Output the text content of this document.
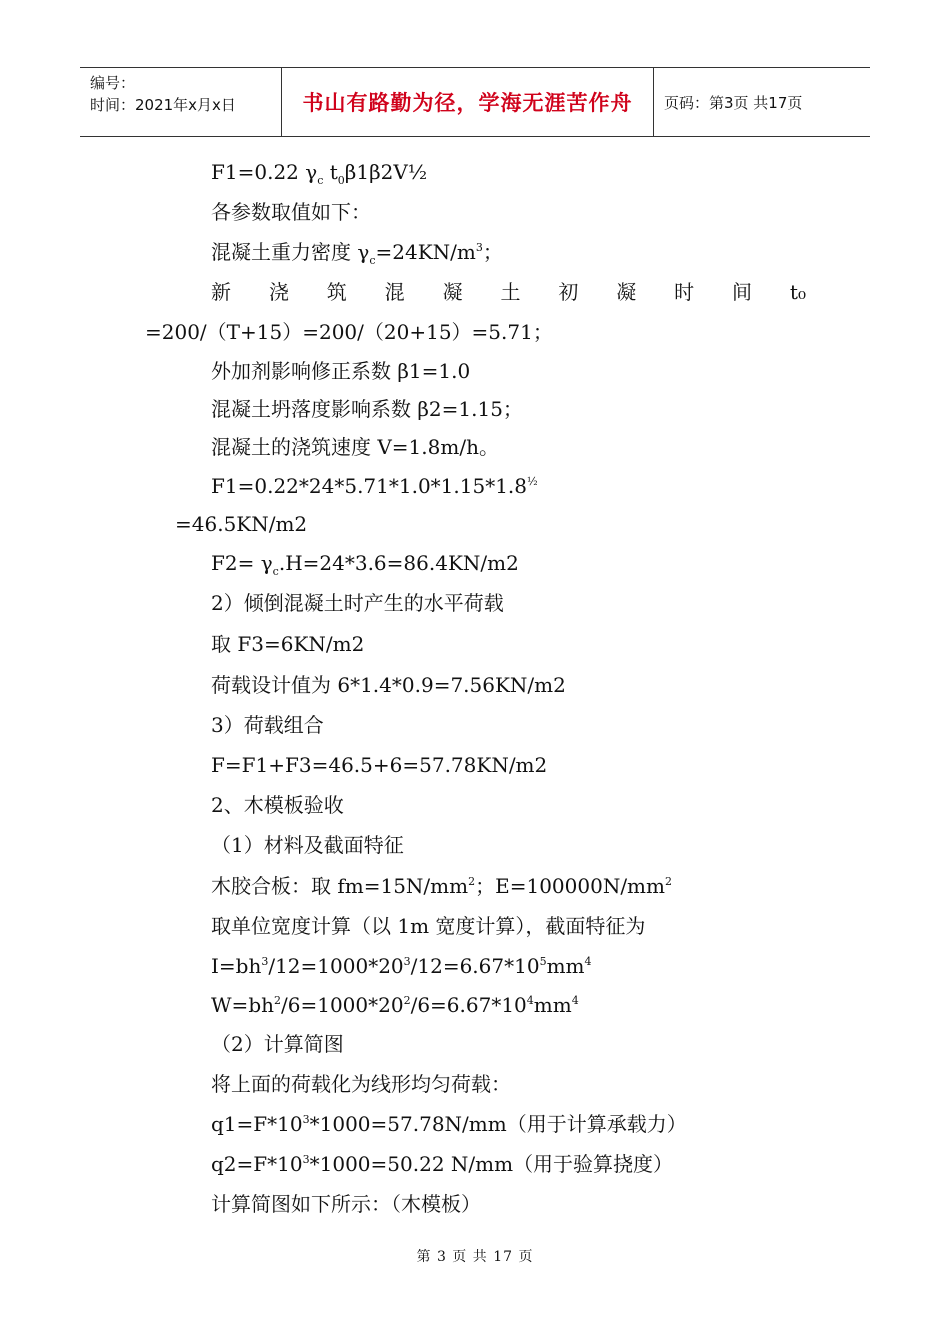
编号：
时间：2021年x月x日	书山有路勤为径，学海无涯苦作舟	页码：第3页 共17页
F1=0.22 $\gamma_c$ $t_0\beta 1\beta 2V\frac{1}{2}$
各参数取值如下：
混凝土重力密度 $\gamma_c=24KN/m^3$；
新 浇 筑 混 凝 土 初 凝 时 间 t₀
=200/（T+15）=200/（20+15）=5.71；
外加剂影响修正系数 β1=1.0
混凝土坍落度影响系数 β2=1.15；
混凝土的浇筑速度 V=1.8m/h。
$F1=0.22*24*5.71*1.0*1.15*1.8^{\frac{1}{2}}$
=46.5KN/m2
$F2= \gamma_c.H=24*3.6=86.4KN/m2$
2）倾倒混凝土时产生的水平荷载
取 F3=6KN/m2
荷载设计值为 6*1.4*0.9=7.56KN/m2
3）荷载组合
F=F1+F3=46.5+6=57.78KN/m2
2、木模板验收
（1）材料及截面特征
木胶合板：取 $fm=15N/mm^2$；$E=100000N/mm^2$
取单位宽度计算（以 1m 宽度计算），截面特征为
$I=bh^3/12=1000*20^3/12=6.67*10^5mm^4$
$W=bh^2/6=1000*20^2/6=6.67*10^4mm^4$
（2）计算简图
将上面的荷载化为线形均匀荷载：
$q1=F*10^3*1000=57.78N/mm$（用于计算承载力）
$q2=F*10^3*1000=50.22$ N/mm（用于验算挠度）
计算简图如下所示：（木模板）
第 3 页 共 17 页
